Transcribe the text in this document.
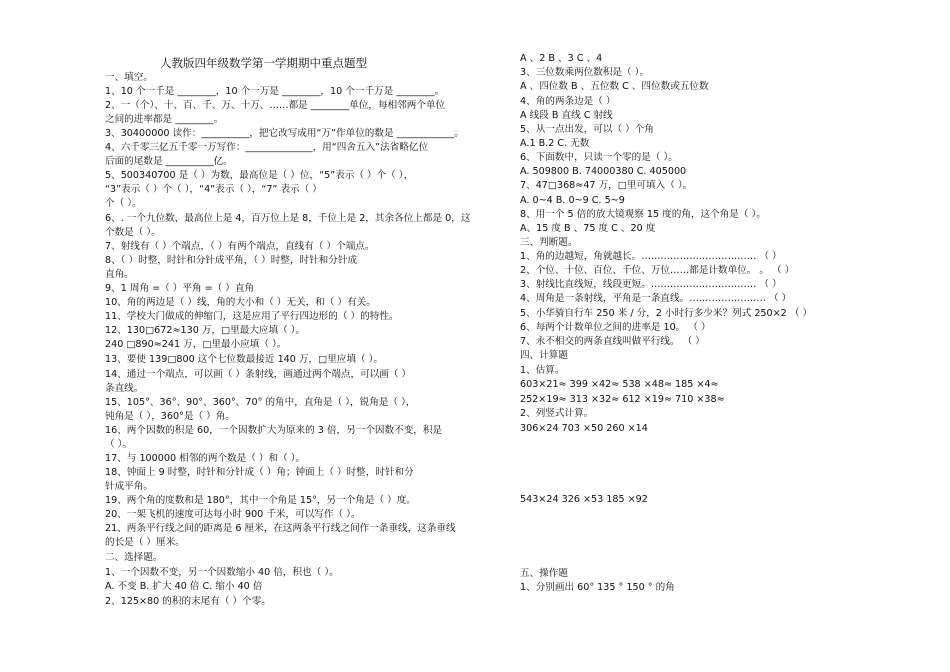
人教版四年级数学第一学期期中重点题型
一、填空。
1、10 个一千是 ________，10 个一万是 ________，10 个一千万是 ________。
2、一（个）、十、百、千、万、十万、……都是 ________单位，每相邻两个单位
之间的进率都是 ________。
3、30400000 读作：__________，把它改写成用“万”作单位的数是 ____________。
4、六千零三亿五千零一万写作：______________，用“四舍五入”法省略亿位
后面的尾数是 __________亿。
5、500340700 是（ ）为数，最高位是（ ）位，“5”表示（ ）个（ ），
“3”表示（ ）个（ ），“4”表示（ ），“7” 表示（ ）
个（ ）。
6、. 一个九位数，最高位上是 4，百万位上是 8，千位上是 2，其余各位上都是 0，这
个数是（ ）。
7、射线有（ ）个端点，（ ）有两个端点，直线有（ ）个端点。
8、（ ）时整，时针和分针成平角，（ ）时整，时针和分针成
直角。
9、1 周角 =（ ）平角 =（ ）直角
10、角的两边是（ ）线，角的大小和（ ）无关，和（ ）有关。
11、学校大门做成的伸缩门，这是应用了平行四边形的（ ）的特性。
12、130□672≈130 万，□里最大应填（ ）。
240 □890≈241 万，□里最小应填（ ）。
13、要使 139□800 这个七位数最接近 140 万，□里应填（ ）。
14、通过一个端点，可以画（ ）条射线，画通过两个端点，可以画（ ）
条直线。
15、105°、36°、90°、360°、70° 的角中，直角是（ ），锐角是（ ），
钝角是（ ），360°是（ ）角。
16、两个因数的积是 60，一个因数扩大为原来的 3 倍，另一个因数不变，积是
（ ）。
17、与 100000 相邻的两个数是（ ）和（ ）。
18、钟面上 9 时整，时针和分针成（ ）角；钟面上（ ）时整，时针和分
针成平角。
19、两个角的度数和是 180°，其中一个角是 15°，另一个角是（ ）度。
20、一架飞机的速度可达每小时 900 千米，可以写作（ ）。
21、两条平行线之间的距离是 6 厘米，在这两条平行线之间作一条垂线，这条垂线
的长是（ ）厘米。
二、选择题。
1、一个因数不变，另一个因数缩小 40 倍，积也（ ）。
A. 不变 B. 扩大 40 倍 C. 缩小 40 倍
2、125×80 的积的末尾有（ ）个零。
A 、2 B 、3 C 、4
3、三位数乘两位数积是（ ）。
A 、四位数 B 、五位数 C 、四位数或五位数
4、角的两条边是（ ）
A 线段 B 直线 C 射线
5、从一点出发，可以（ ）个角
A.1 B.2 C. 无数
6、下面数中，只读一个零的是（ ）。
A. 509800 B. 74000380 C. 405000
7、47□368≈47 万，□里可填入（ ）。
A. 0~4 B. 0~9 C. 5~9
8、用一个 5 倍的放大镜观察 15 度的角，这个角是（ ）。
A、15 度 B 、75 度 C 、20 度
三、判断题。
1、角的边越短，角就越长。……………………………… （ ）
2、个位、十位、百位、千位、万位……都是计数单位。 。 （ ）
3、射线比直线短，线段更短。…………………………… （ ）
4、周角是一条射线，平角是一条直线。…………………… （ ）
5、小华骑自行车 250 米 / 分，2 小时行多少米？列式 250×2 （ ）
6、每两个计数单位之间的进率是 10。 （ ）
7、永不相交的两条直线叫做平行线。 （ ）
四、计算题
1、估算。
603×21≈ 399 ×42≈ 538 ×48≈ 185 ×4≈
252×19≈ 313 ×32≈ 612 ×19≈ 710 ×38≈
2、列竖式计算。
306×24 703 ×50 260 ×14
543×24 326 ×53 185 ×92
五、操作题
1、分别画出 60° 135 ° 150 ° 的角
